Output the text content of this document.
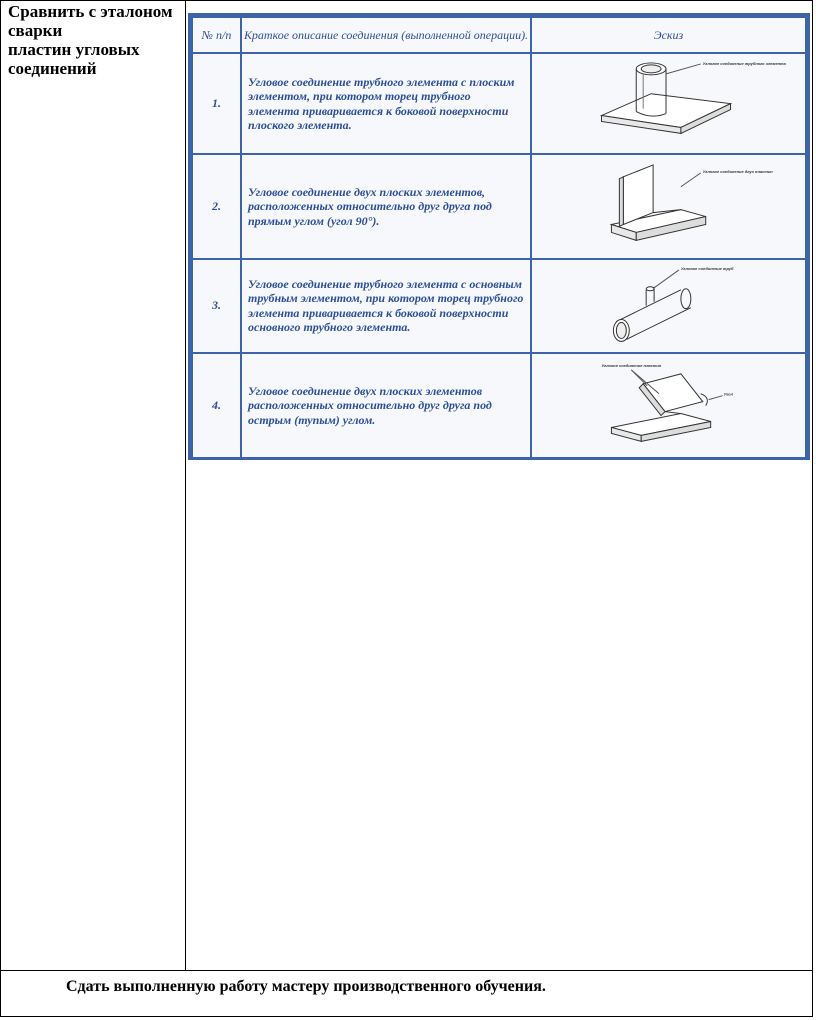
Сравнить с эталоном
сварки
пластин угловых
соединений
№ п/п	Краткое описание соединения (выполненной операции).	Эскиз
1.	Угловое соединение трубного элемента с плоским элементом, при котором торец трубного элемента приваривается к боковой поверхности плоского элемента.	Угловое соединение трубного элемента

2.	Угловое соединение двух плоских элементов, расположенных относительно друг друга под прямым углом (угол 90°).	Угловое соединение двух пластин

3.	Угловое соединение трубного элемента с основным трубным элементом, при котором торец трубного элемента приваривается к боковой поверхности основного трубного элемента.	Угловое соединение труб

4.	Угловое соединение двух плоских элементов расположенных относительно друг друга под острым (тупым) углом.	Угловое соединение пластин
Угол
Сдать выполненную работу мастеру производственного обучения.
